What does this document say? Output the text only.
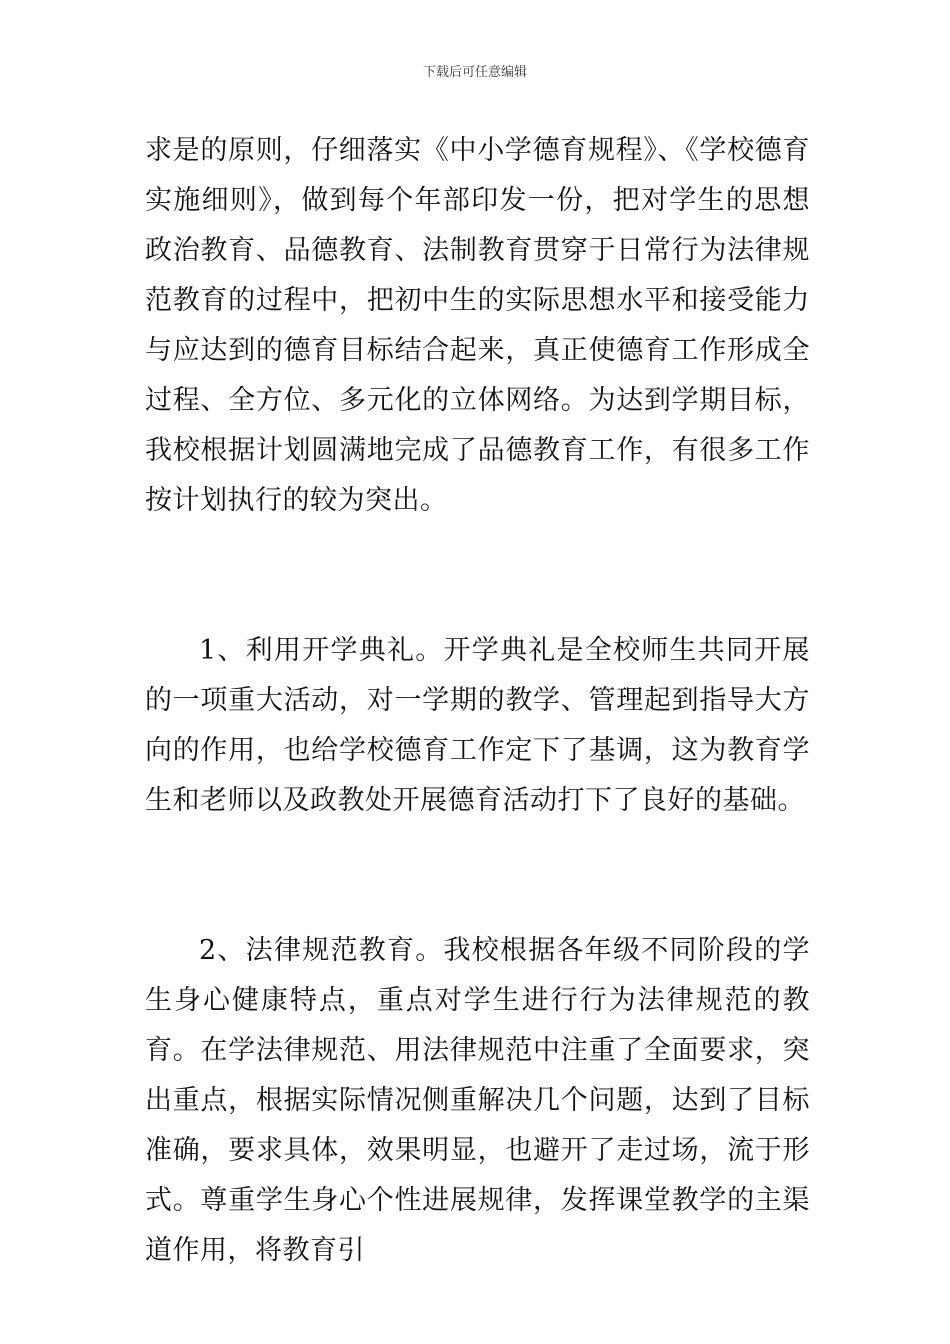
下载后可任意编辑

求是的原则，仔细落实《中小学德育规程》、《学校德育实施细则》，做到每个年部印发一份，把对学生的思想政治教育、品德教育、法制教育贯穿于日常行为法律规范教育的过程中，把初中生的实际思想水平和接受能力与应达到的德育目标结合起来，真正使德育工作形成全过程、全方位、多元化的立体网络。为达到学期目标，我校根据计划圆满地完成了品德教育工作，有很多工作按计划执行的较为突出。

1、利用开学典礼。开学典礼是全校师生共同开展的一项重大活动，对一学期的教学、管理起到指导大方向的作用，也给学校德育工作定下了基调，这为教育学生和老师以及政教处开展德育活动打下了良好的基础。

2、法律规范教育。我校根据各年级不同阶段的学生身心健康特点，重点对学生进行行为法律规范的教育。在学法律规范、用法律规范中注重了全面要求，突出重点，根据实际情况侧重解决几个问题，达到了目标准确，要求具体，效果明显，也避开了走过场，流于形式。尊重学生身心个性进展规律，发挥课堂教学的主渠道作用，将教育引
